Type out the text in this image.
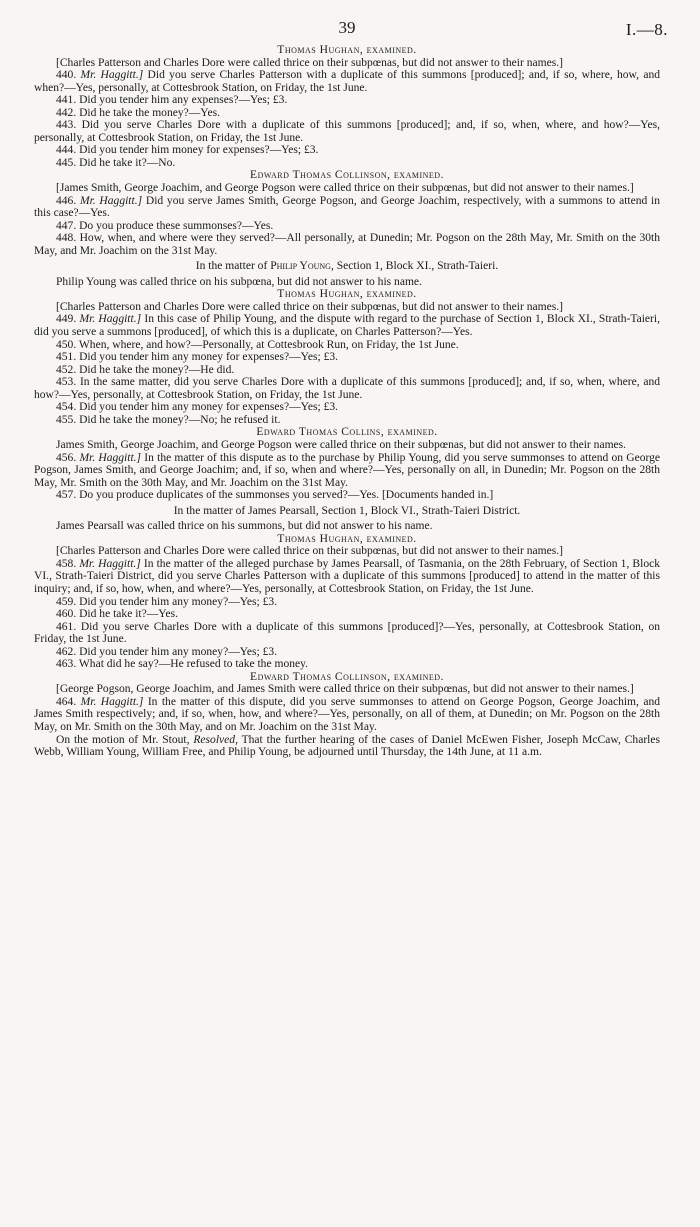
39	I.—8.

Thomas Hughan, examined.

[Charles Patterson and Charles Dore were called thrice on their subpœnas, but did not answer to their names.]

440. Mr. Haggitt.] Did you serve Charles Patterson with a duplicate of this summons [produced]; and, if so, where, how, and when?—Yes, personally, at Cottesbrook Station, on Friday, the 1st June.

441. Did you tender him any expenses?—Yes; £3.

442. Did he take the money?—Yes.

443. Did you serve Charles Dore with a duplicate of this summons [produced]; and, if so, when, where, and how?—Yes, personally, at Cottesbrook Station, on Friday, the 1st June.

444. Did you tender him money for expenses?—Yes; £3.

445. Did he take it?—No.

Edward Thomas Collinson, examined.

[James Smith, George Joachim, and George Pogson were called thrice on their subpœnas, but did not answer to their names.]

446. Mr. Haggitt.] Did you serve James Smith, George Pogson, and George Joachim, respectively, with a summons to attend in this case?—Yes.

447. Do you produce these summonses?—Yes.

448. How, when, and where were they served?—All personally, at Dunedin; Mr. Pogson on the 28th May, Mr. Smith on the 30th May, and Mr. Joachim on the 31st May.

In the matter of Philip Young, Section 1, Block XI., Strath-Taieri.

Philip Young was called thrice on his subpœna, but did not answer to his name.

Thomas Hughan, examined.

[Charles Patterson and Charles Dore were called thrice on their subpœnas, but did not answer to their names.]

449. Mr. Haggitt.] In this case of Philip Young, and the dispute with regard to the purchase of Section 1, Block XI., Strath-Taieri, did you serve a summons [produced], of which this is a duplicate, on Charles Patterson?—Yes.

450. When, where, and how?—Personally, at Cottesbrook Run, on Friday, the 1st June.

451. Did you tender him any money for expenses?—Yes; £3.

452. Did he take the money?—He did.

453. In the same matter, did you serve Charles Dore with a duplicate of this summons [produced]; and, if so, when, where, and how?—Yes, personally, at Cottesbrook Station, on Friday, the 1st June.

454. Did you tender him any money for expenses?—Yes; £3.

455. Did he take the money?—No; he refused it.

Edward Thomas Collins, examined.

James Smith, George Joachim, and George Pogson were called thrice on their subpœnas, but did not answer to their names.

456. Mr. Haggitt.] In the matter of this dispute as to the purchase by Philip Young, did you serve summonses to attend on George Pogson, James Smith, and George Joachim; and, if so, when and where?—Yes, personally on all, in Dunedin; Mr. Pogson on the 28th May, Mr. Smith on the 30th May, and Mr. Joachim on the 31st May.

457. Do you produce duplicates of the summonses you served?—Yes. [Documents handed in.]

In the matter of James Pearsall, Section 1, Block VI., Strath-Taieri District.

James Pearsall was called thrice on his summons, but did not answer to his name.

Thomas Hughan, examined.

[Charles Patterson and Charles Dore were called thrice on their subpœnas, but did not answer to their names.]

458. Mr. Haggitt.] In the matter of the alleged purchase by James Pearsall, of Tasmania, on the 28th February, of Section 1, Block VI., Strath-Taieri District, did you serve Charles Patterson with a duplicate of this summons [produced] to attend in the matter of this inquiry; and, if so, how, when, and where?—Yes, personally, at Cottesbrook Station, on Friday, the 1st June.

459. Did you tender him any money?—Yes; £3.

460. Did he take it?—Yes.

461. Did you serve Charles Dore with a duplicate of this summons [produced]?—Yes, personally, at Cottesbrook Station, on Friday, the 1st June.

462. Did you tender him any money?—Yes; £3.

463. What did he say?—He refused to take the money.

Edward Thomas Collinson, examined.

[George Pogson, George Joachim, and James Smith were called thrice on their subpœnas, but did not answer to their names.]

464. Mr. Haggitt.] In the matter of this dispute, did you serve summonses to attend on George Pogson, George Joachim, and James Smith respectively; and, if so, when, how, and where?—Yes, personally, on all of them, at Dunedin; on Mr. Pogson on the 28th May, on Mr. Smith on the 30th May, and on Mr. Joachim on the 31st May.

On the motion of Mr. Stout, Resolved, That the further hearing of the cases of Daniel McEwen Fisher, Joseph McCaw, Charles Webb, William Young, William Free, and Philip Young, be adjourned until Thursday, the 14th June, at 11 a.m.
